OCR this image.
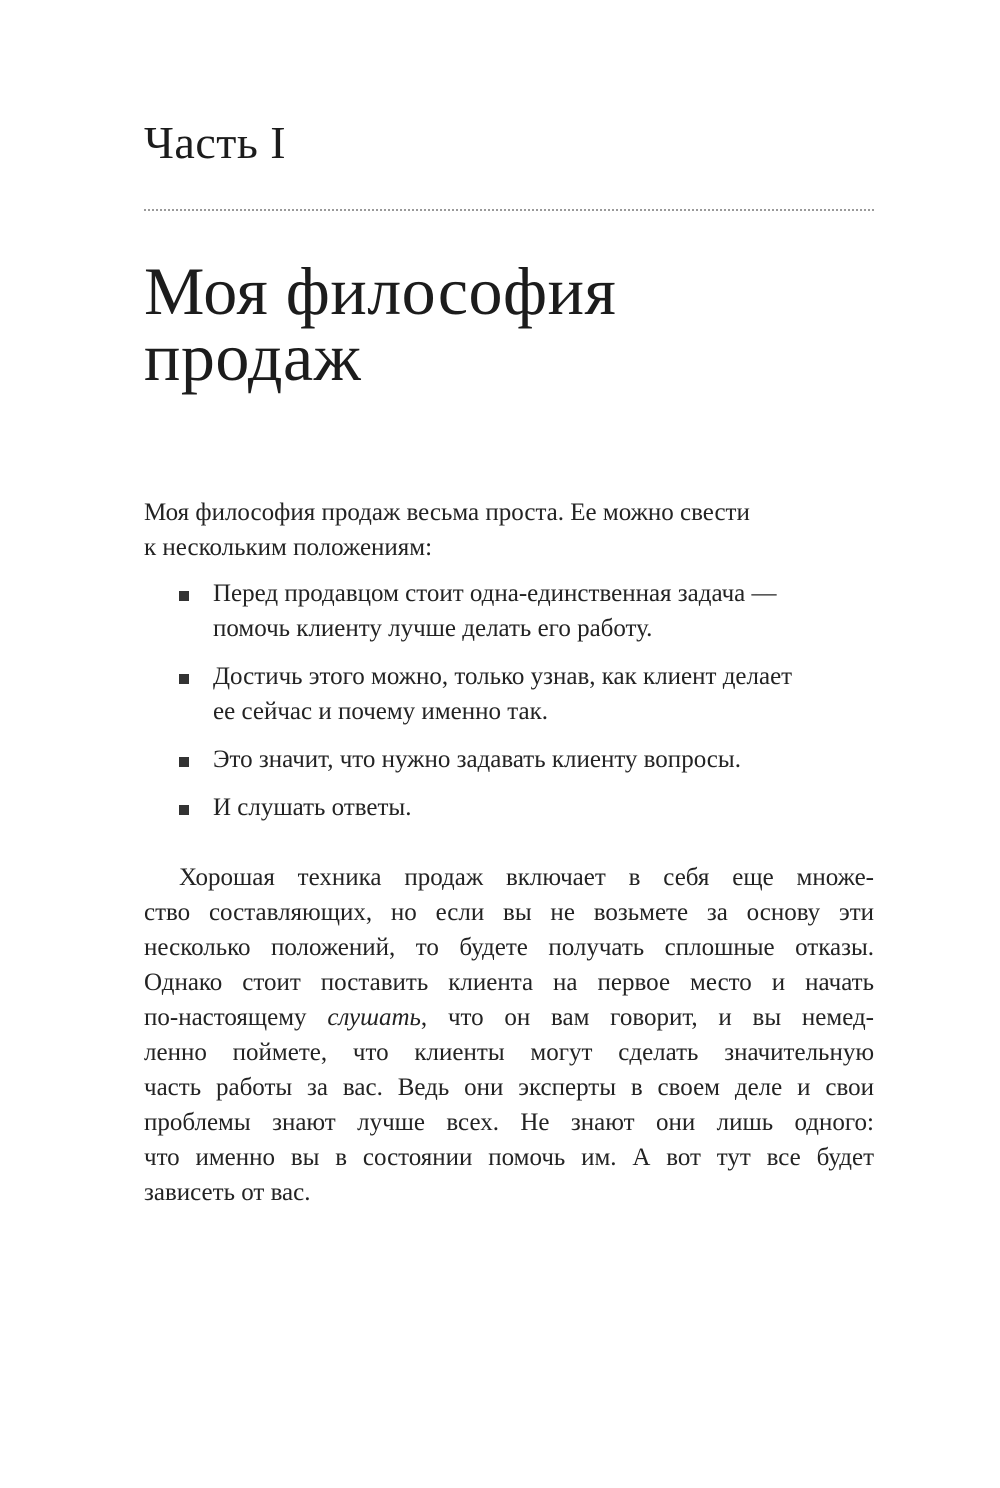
Часть I
Моя философия
продаж

Моя философия продаж весьма проста. Ее можно свести
к нескольким положениям:

Перед продавцом стоит одна-единственная задача —
помочь клиенту лучше делать его работу.
Достичь этого можно, только узнав, как клиент делает
ее сейчас и почему именно так.
Это значит, что нужно задавать клиенту вопросы.
И слушать ответы.

Хорошая техника продаж включает в себя еще множе-
ство составляющих, но если вы не возьмете за основу эти
несколько положений, то будете получать сплошные отказы.
Однако стоит поставить клиента на первое место и начать
по-настоящему слушать, что он вам говорит, и вы немед-
ленно поймете, что клиенты могут сделать значительную
часть работы за вас. Ведь они эксперты в своем деле и свои
проблемы знают лучше всех. Не знают они лишь одного:
что именно вы в состоянии помочь им. А вот тут все будет
зависеть от вас.
